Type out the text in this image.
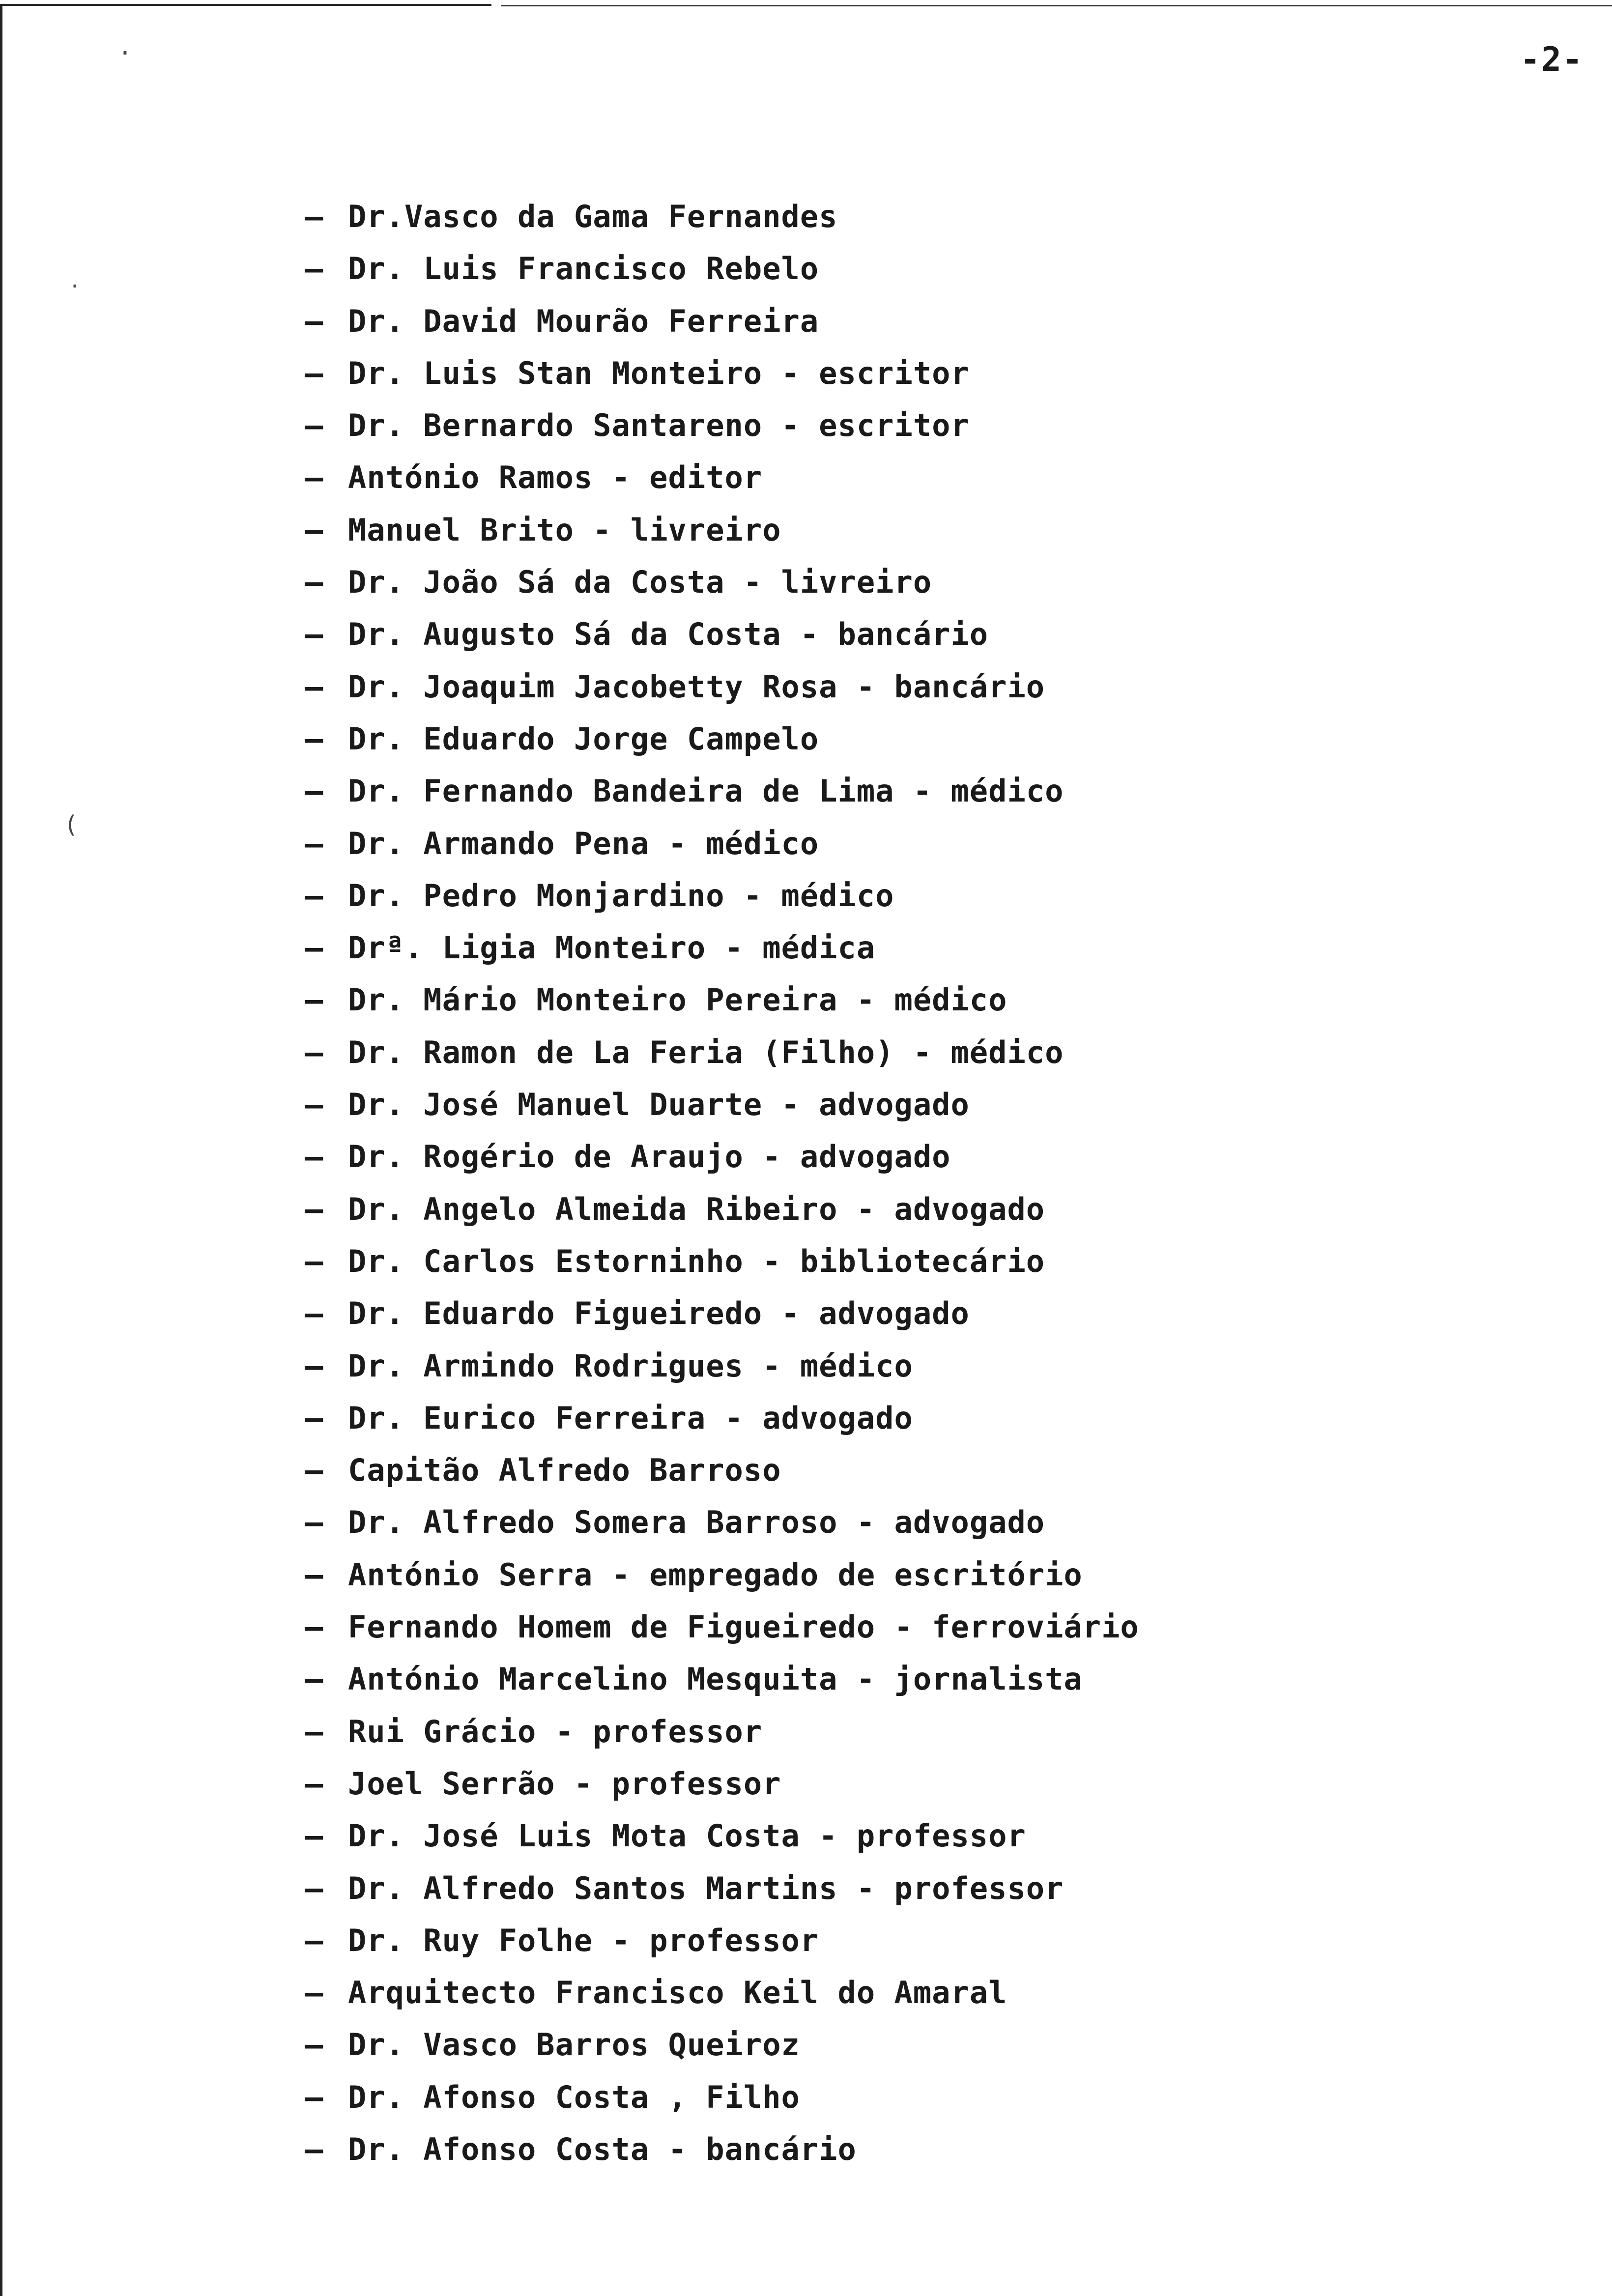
·
·
(
-2-
– Dr.Vasco da Gama Fernandes
– Dr. Luis Francisco Rebelo
– Dr. David Mourão Ferreira
– Dr. Luis Stan Monteiro - escritor
– Dr. Bernardo Santareno - escritor
– António Ramos - editor
– Manuel Brito - livreiro
– Dr. João Sá da Costa - livreiro
– Dr. Augusto Sá da Costa - bancário
– Dr. Joaquim Jacobetty Rosa - bancário
– Dr. Eduardo Jorge Campelo
– Dr. Fernando Bandeira de Lima - médico
– Dr. Armando Pena - médico
– Dr. Pedro Monjardino - médico
– Drª. Ligia Monteiro - médica
– Dr. Mário Monteiro Pereira - médico
– Dr. Ramon de La Feria (Filho) - médico
– Dr. José Manuel Duarte - advogado
– Dr. Rogério de Araujo - advogado
– Dr. Angelo Almeida Ribeiro - advogado
– Dr. Carlos Estorninho - bibliotecário
– Dr. Eduardo Figueiredo - advogado
– Dr. Armindo Rodrigues - médico
– Dr. Eurico Ferreira - advogado
– Capitão Alfredo Barroso
– Dr. Alfredo Somera Barroso - advogado
– António Serra - empregado de escritório
– Fernando Homem de Figueiredo - ferroviário
– António Marcelino Mesquita - jornalista
– Rui Grácio - professor
– Joel Serrão - professor
– Dr. José Luis Mota Costa - professor
– Dr. Alfredo Santos Martins - professor
– Dr. Ruy Folhe - professor
– Arquitecto Francisco Keil do Amaral
– Dr. Vasco Barros Queiroz
– Dr. Afonso Costa , Filho
– Dr. Afonso Costa - bancário
